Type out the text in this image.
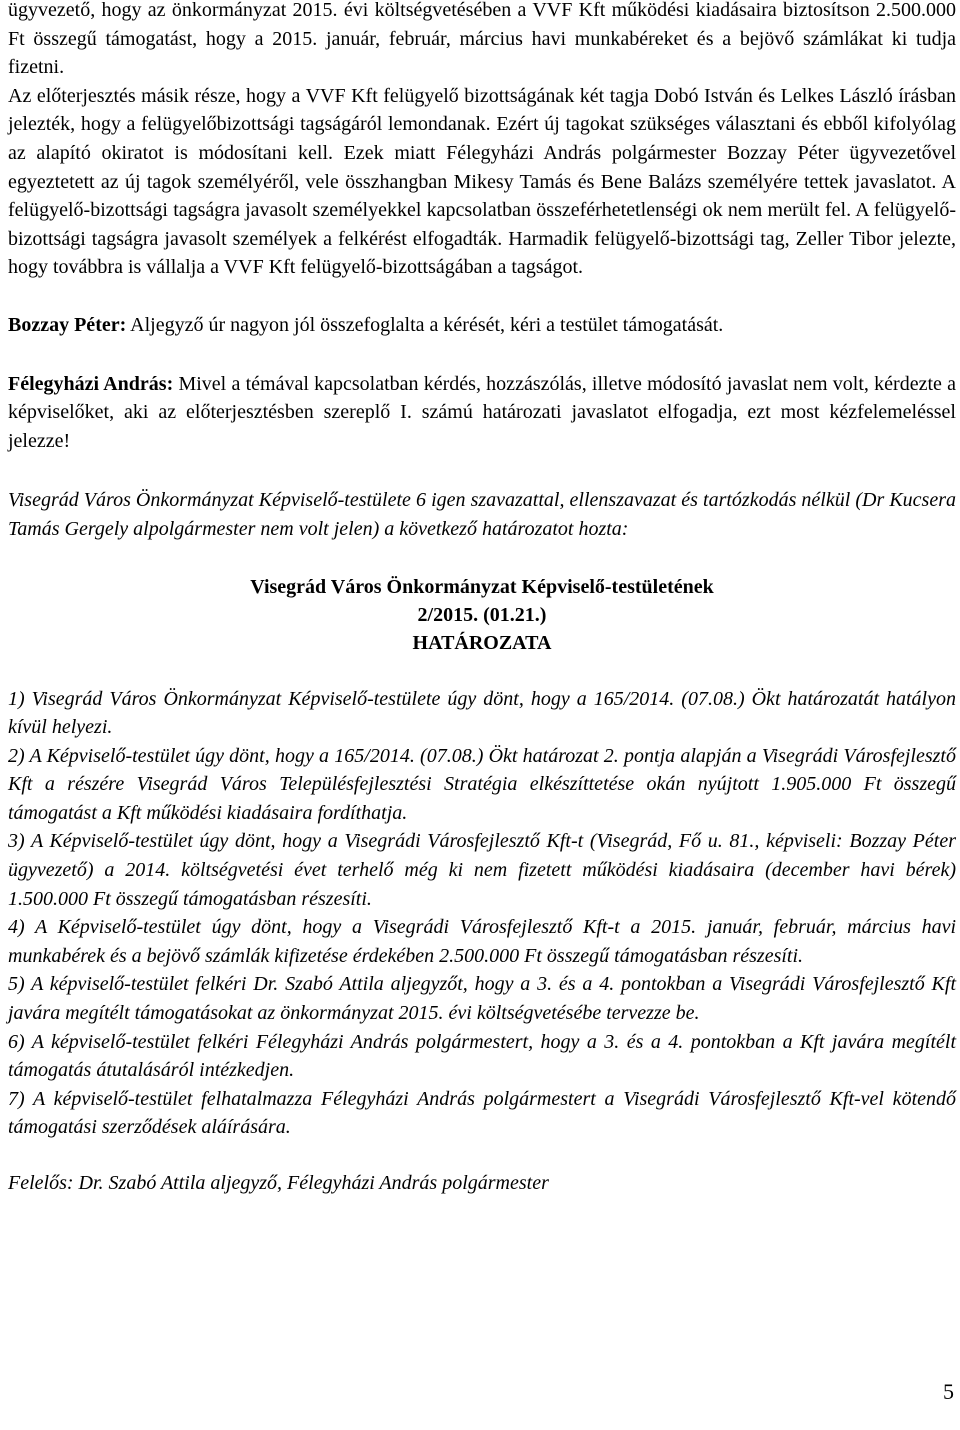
ügyvezető, hogy az önkormányzat 2015. évi költségvetésében a VVF Kft működési kiadásaira biztosítson 2.500.000 Ft összegű támogatást, hogy a 2015. január, február, március havi munkabéreket és a bejövő számlákat ki tudja fizetni.

Az előterjesztés másik része, hogy a VVF Kft felügyelő bizottságának két tagja Dobó István és Lelkes László írásban jelezték, hogy a felügyelőbizottsági tagságáról lemondanak. Ezért új tagokat szükséges választani és ebből kifolyólag az alapító okiratot is módosítani kell. Ezek miatt Félegyházi András polgármester Bozzay Péter ügyvezetővel egyeztetett az új tagok személyéről, vele összhangban Mikesy Tamás és Bene Balázs személyére tettek javaslatot. A felügyelő-bizottsági tagságra javasolt személyekkel kapcsolatban összeférhetetlenségi ok nem merült fel. A felügyelő-bizottsági tagságra javasolt személyek a felkérést elfogadták. Harmadik felügyelő-bizottsági tag, Zeller Tibor jelezte, hogy továbbra is vállalja a VVF Kft felügyelő-bizottságában a tagságot.

Bozzay Péter: Aljegyző úr nagyon jól összefoglalta a kérését, kéri a testület támogatását.

Félegyházi András: Mivel a témával kapcsolatban kérdés, hozzászólás, illetve módosító javaslat nem volt, kérdezte a képviselőket, aki az előterjesztésben szereplő I. számú határozati javaslatot elfogadja, ezt most kézfelemeléssel jelezze!

Visegrád Város Önkormányzat Képviselő-testülete 6 igen szavazattal, ellenszavazat és tartózkodás nélkül (Dr Kucsera Tamás Gergely alpolgármester nem volt jelen) a következő határozatot hozta:

Visegrád Város Önkormányzat Képviselő-testületének

2/2015. (01.21.)

HATÁROZATA

1) Visegrád Város Önkormányzat Képviselő-testülete úgy dönt, hogy a 165/2014. (07.08.) Ökt határozatát hatályon kívül helyezi.

2) A Képviselő-testület úgy dönt, hogy a 165/2014. (07.08.) Ökt határozat 2. pontja alapján a Visegrádi Városfejlesztő Kft a részére Visegrád Város Településfejlesztési Stratégia elkészíttetése okán nyújtott 1.905.000 Ft összegű támogatást a Kft működési kiadásaira fordíthatja.

3) A Képviselő-testület úgy dönt, hogy a Visegrádi Városfejlesztő Kft-t (Visegrád, Fő u. 81., képviseli: Bozzay Péter ügyvezető) a 2014. költségvetési évet terhelő még ki nem fizetett működési kiadásaira (december havi bérek) 1.500.000 Ft összegű támogatásban részesíti.

4) A Képviselő-testület úgy dönt, hogy a Visegrádi Városfejlesztő Kft-t a 2015. január, február, március havi munkabérek és a bejövő számlák kifizetése érdekében 2.500.000 Ft összegű támogatásban részesíti.

5) A képviselő-testület felkéri Dr. Szabó Attila aljegyzőt, hogy a 3. és a 4. pontokban a Visegrádi Városfejlesztő Kft javára megítélt támogatásokat az önkormányzat 2015. évi költségvetésébe tervezze be.

6) A képviselő-testület felkéri Félegyházi András polgármestert, hogy a 3. és a 4. pontokban a Kft javára megítélt támogatás átutalásáról intézkedjen.

7) A képviselő-testület felhatalmazza Félegyházi András polgármestert a Visegrádi Városfejlesztő Kft-vel kötendő támogatási szerződések aláírására.

Felelős: Dr. Szabó Attila aljegyző, Félegyházi András polgármester

5
